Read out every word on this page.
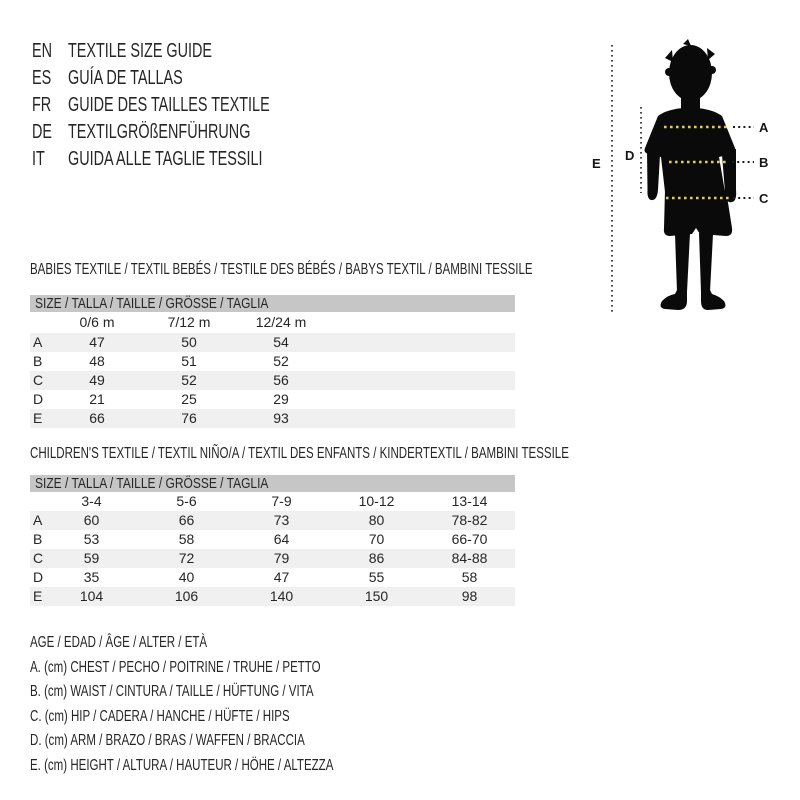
EN TEXTILE SIZE GUIDE
ES GUÍA DE TALLAS
FR GUIDE DES TAILLES TEXTILE
DE TEXTILGRÖßENFÜHRUNG
IT	GUIDA ALLE TAGLIE TESSILI
A
B
C
D
E
BABIES TEXTILE / TEXTIL BEBÉS / TESTILE DES BÉBÉS / BABYS TEXTIL / BAMBINI TESSILE
SIZE / TALLA / TAILLE / GRÖSSE / TAGLIA
	0/6 m	7/12 m	12/24 m	
A	47	50	54	
B	48	51	52	
C	49	52	56	
D	21	25	29	
E	66	76	93	
CHILDREN'S TEXTILE / TEXTIL NIÑO/A / TEXTIL DES ENFANTS / KINDERTEXTIL / BAMBINI TESSILE
SIZE / TALLA / TAILLE / GRÖSSE / TAGLIA
	3-4	5-6	7-9	10-12	13-14
A	60	66	73	80	78-82
B	53	58	64	70	66-70
C	59	72	79	86	84-88
D	35	40	47	55	58
E	104	106	140	150	98
AGE / EDAD / ÂGE / ALTER / ETÀ
A. (cm) CHEST / PECHO / POITRINE / TRUHE / PETTO
B. (cm) WAIST / CINTURA / TAILLE / HÜFTUNG / VITA
C. (cm) HIP / CADERA / HANCHE / HÜFTE / HIPS
D. (cm) ARM / BRAZO / BRAS / WAFFEN / BRACCIA
E. (cm) HEIGHT / ALTURA / HAUTEUR / HÖHE / ALTEZZA
